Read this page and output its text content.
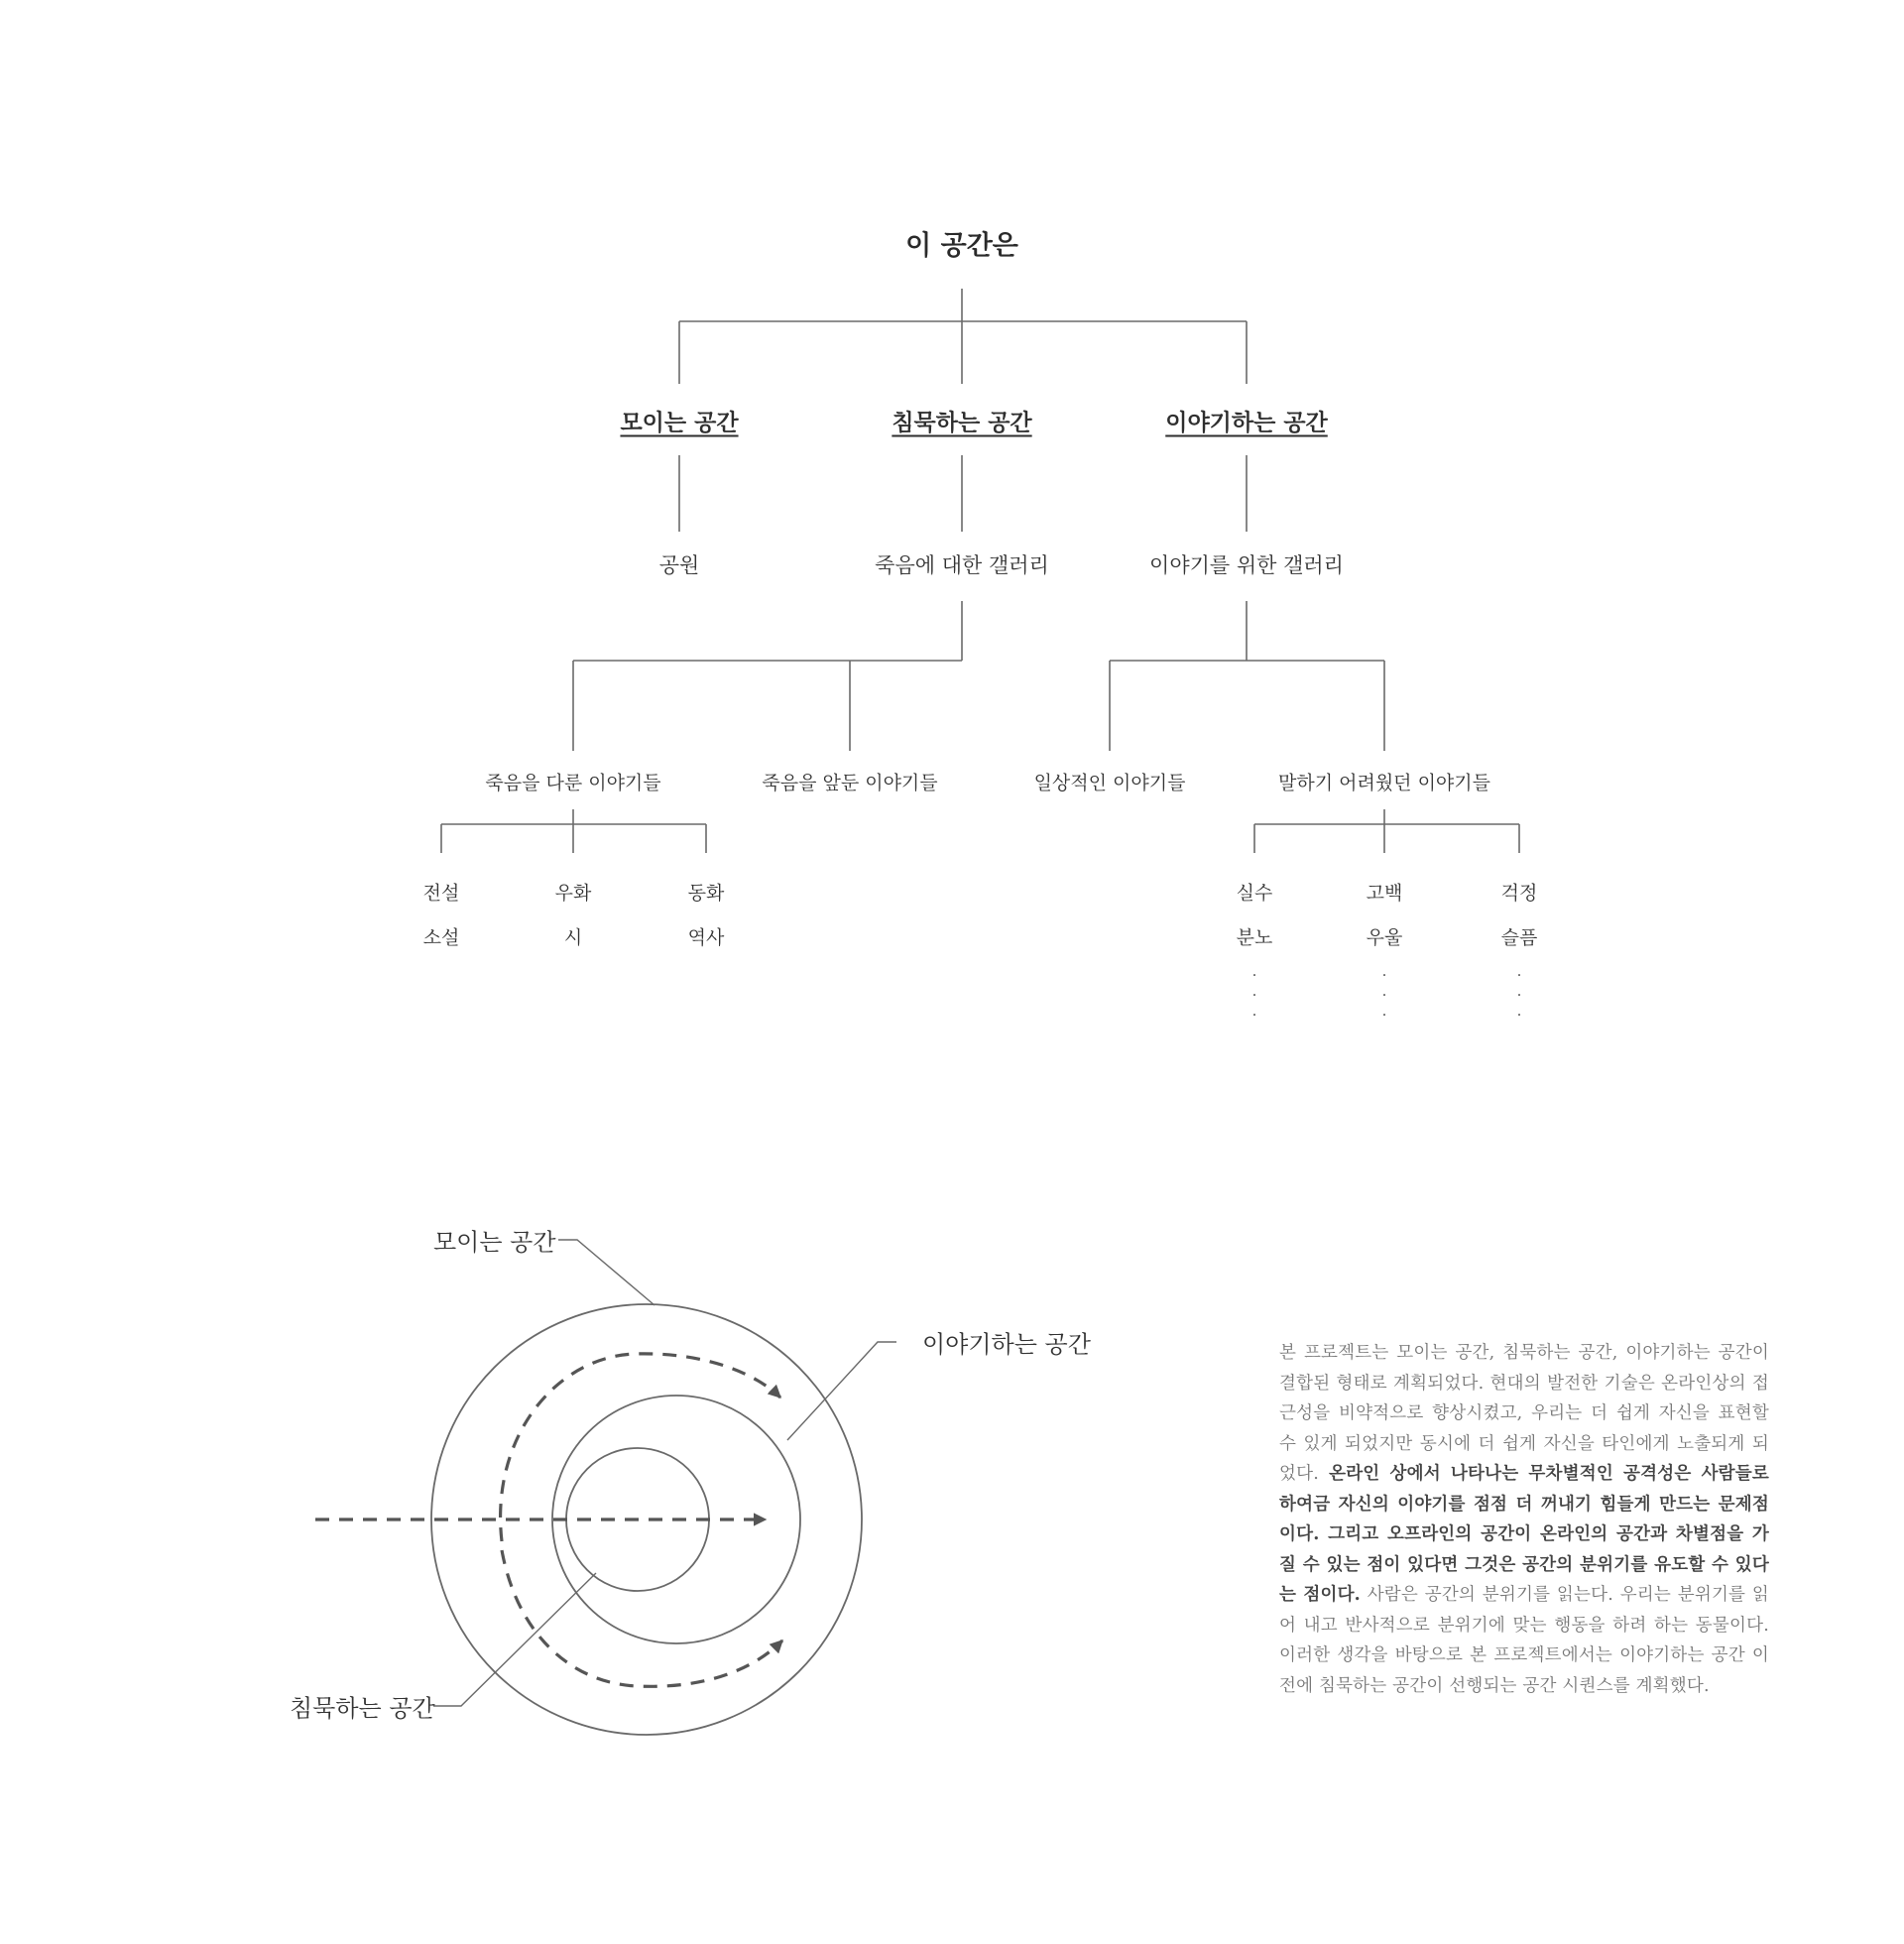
이 공간은
모이는 공간	침묵하는 공간	이야기하는 공간
공원	죽음에 대한 갤러리	이야기를 위한 갤러리
죽음을 다룬 이야기들	죽음을 앞둔 이야기들	일상적인 이야기들	말하기 어려웠던 이야기들
전설	우화	동화
소설	시	역사
실수	고백	걱정
분노	우울	슬픔
.
.
.
.
.
.
.
.
.
모이는 공간
이야기하는 공간
침묵하는 공간
본 프로젝트는 모이는 공간, 침묵하는 공간, 이야기하는 공간이 결합된 형태로 계획되었다. 현대의 발전한 기술은 온라인상의 접근성을 비약적으로 향상시켰고, 우리는 더 쉽게 자신을 표현할 수 있게 되었지만 동시에 더 쉽게 자신을 타인에게 노출되게 되었다. 온라인 상에서 나타나는 무차별적인 공격성은 사람들로 하여금 자신의 이야기를 점점 더 꺼내기 힘들게 만드는 문제점이다. 그리고 오프라인의 공간이 온라인의 공간과 차별점을 가질 수 있는 점이 있다면 그것은 공간의 분위기를 유도할 수 있다는 점이다. 사람은 공간의 분위기를 읽는다. 우리는 분위기를 읽어 내고 반사적으로 분위기에 맞는 행동을 하려 하는 동물이다. 이러한 생각을 바탕으로 본 프로젝트에서는 이야기하는 공간 이전에 침묵하는 공간이 선행되는 공간 시퀀스를 계획했다.
